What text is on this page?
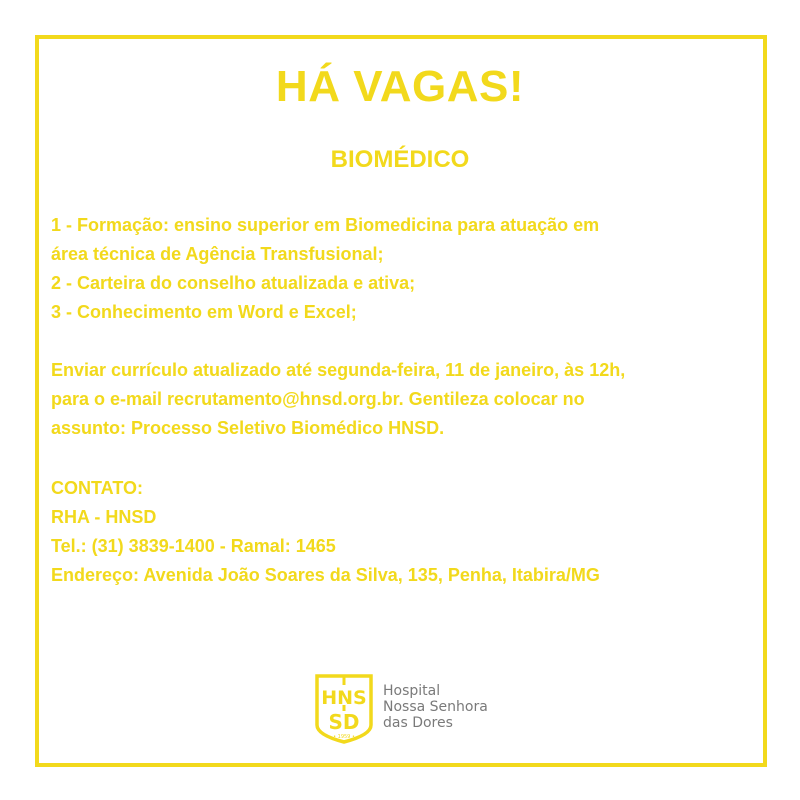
HÁ VAGAS!
BIOMÉDICO
1 - Formação: ensino superior em Biomedicina para atuação em
área técnica de Agência Transfusional;
2 - Carteira do conselho atualizada e ativa;
3 - Conhecimento em Word e Excel;
Enviar currículo atualizado até segunda-feira, 11 de janeiro, às 12h,
para o e-mail recrutamento@hnsd.org.br. Gentileza colocar no
assunto: Processo Seletivo Biomédico HNSD.
CONTATO:
RHA - HNSD
Tel.: (31) 3839-1400 - Ramal: 1465
Endereço: Avenida João Soares da Silva, 135, Penha, Itabira/MG
HNS
SD
• 1959 •
Hospital
Nossa Senhora
das Dores
